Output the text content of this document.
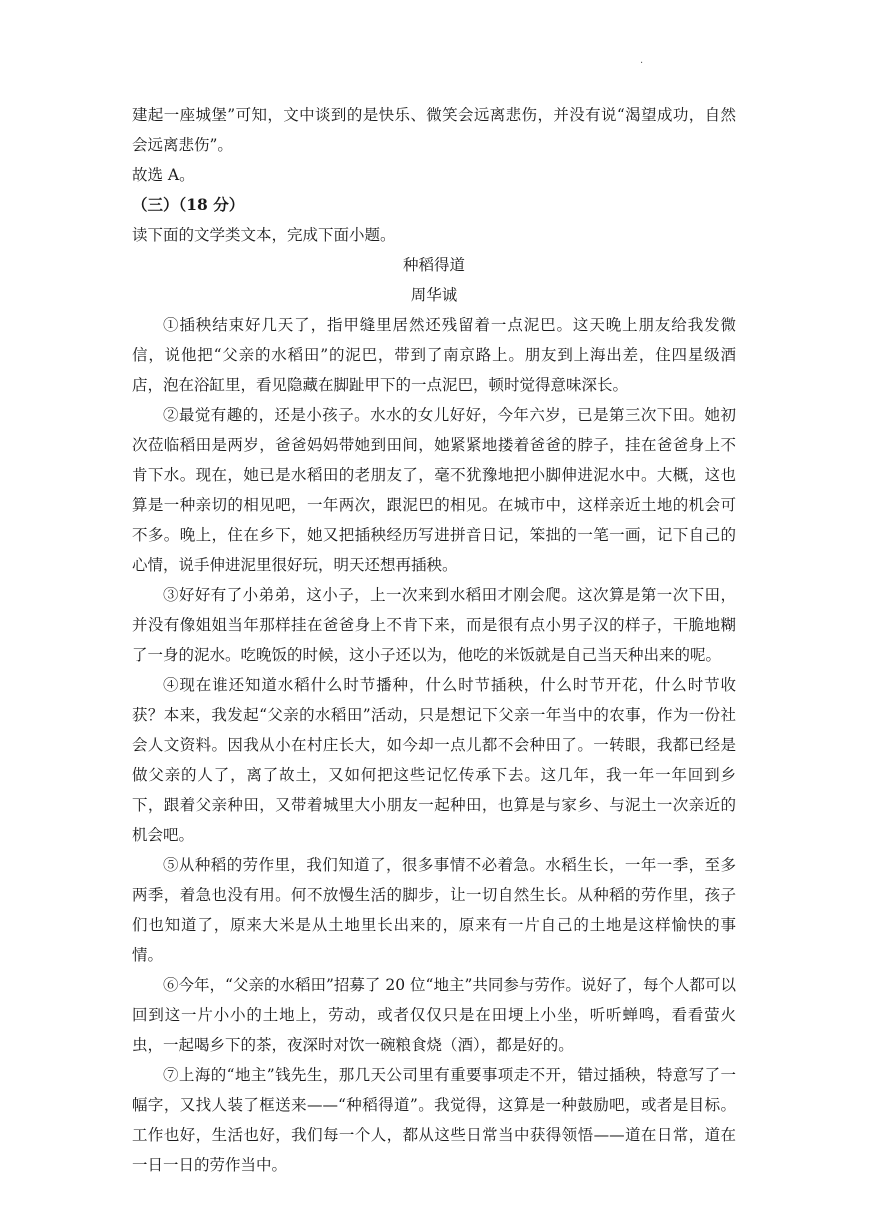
·
建起一座城堡”可知，文中谈到的是快乐、微笑会远离悲伤，并没有说“渴望成功，自然会远离悲伤”。
故选 A。
（三）（18 分）
读下面的文学类文本，完成下面小题。
种稻得道
周华诚

①插秧结束好几天了，指甲缝里居然还残留着一点泥巴。这天晚上朋友给我发微信，说他把“父亲的水稻田”的泥巴，带到了南京路上。朋友到上海出差，住四星级酒店，泡在浴缸里，看见隐藏在脚趾甲下的一点泥巴，顿时觉得意味深长。

②最觉有趣的，还是小孩子。水水的女儿好好，今年六岁，已是第三次下田。她初次莅临稻田是两岁，爸爸妈妈带她到田间，她紧紧地搂着爸爸的脖子，挂在爸爸身上不肯下水。现在，她已是水稻田的老朋友了，毫不犹豫地把小脚伸进泥水中。大概，这也算是一种亲切的相见吧，一年两次，跟泥巴的相见。在城市中，这样亲近土地的机会可不多。晚上，住在乡下，她又把插秧经历写进拼音日记，笨拙的一笔一画，记下自己的心情，说手伸进泥里很好玩，明天还想再插秧。

③好好有了小弟弟，这小子，上一次来到水稻田才刚会爬。这次算是第一次下田，并没有像姐姐当年那样挂在爸爸身上不肯下来，而是很有点小男子汉的样子，干脆地糊了一身的泥水。吃晚饭的时候，这小子还以为，他吃的米饭就是自己当天种出来的呢。

④现在谁还知道水稻什么时节播种，什么时节插秧，什么时节开花，什么时节收获？本来，我发起“父亲的水稻田”活动，只是想记下父亲一年当中的农事，作为一份社会人文资料。因我从小在村庄长大，如今却一点儿都不会种田了。一转眼，我都已经是做父亲的人了，离了故土，又如何把这些记忆传承下去。这几年，我一年一年回到乡下，跟着父亲种田，又带着城里大小朋友一起种田，也算是与家乡、与泥土一次亲近的机会吧。

⑤从种稻的劳作里，我们知道了，很多事情不必着急。水稻生长，一年一季，至多两季，着急也没有用。何不放慢生活的脚步，让一切自然生长。从种稻的劳作里，孩子们也知道了，原来大米是从土地里长出来的，原来有一片自己的土地是这样愉快的事情。

⑥今年，“父亲的水稻田”招募了 20 位“地主”共同参与劳作。说好了，每个人都可以回到这一片小小的土地上，劳动，或者仅仅只是在田埂上小坐，听听蝉鸣，看看萤火虫，一起喝乡下的茶，夜深时对饮一碗粮食烧（酒），都是好的。

⑦上海的“地主”钱先生，那几天公司里有重要事项走不开，错过插秧，特意写了一幅字，又找人装了框送来——“种稻得道”。我觉得，这算是一种鼓励吧，或者是目标。工作也好，生活也好，我们每一个人，都从这些日常当中获得领悟——道在日常，道在一日一日的劳作当中。
